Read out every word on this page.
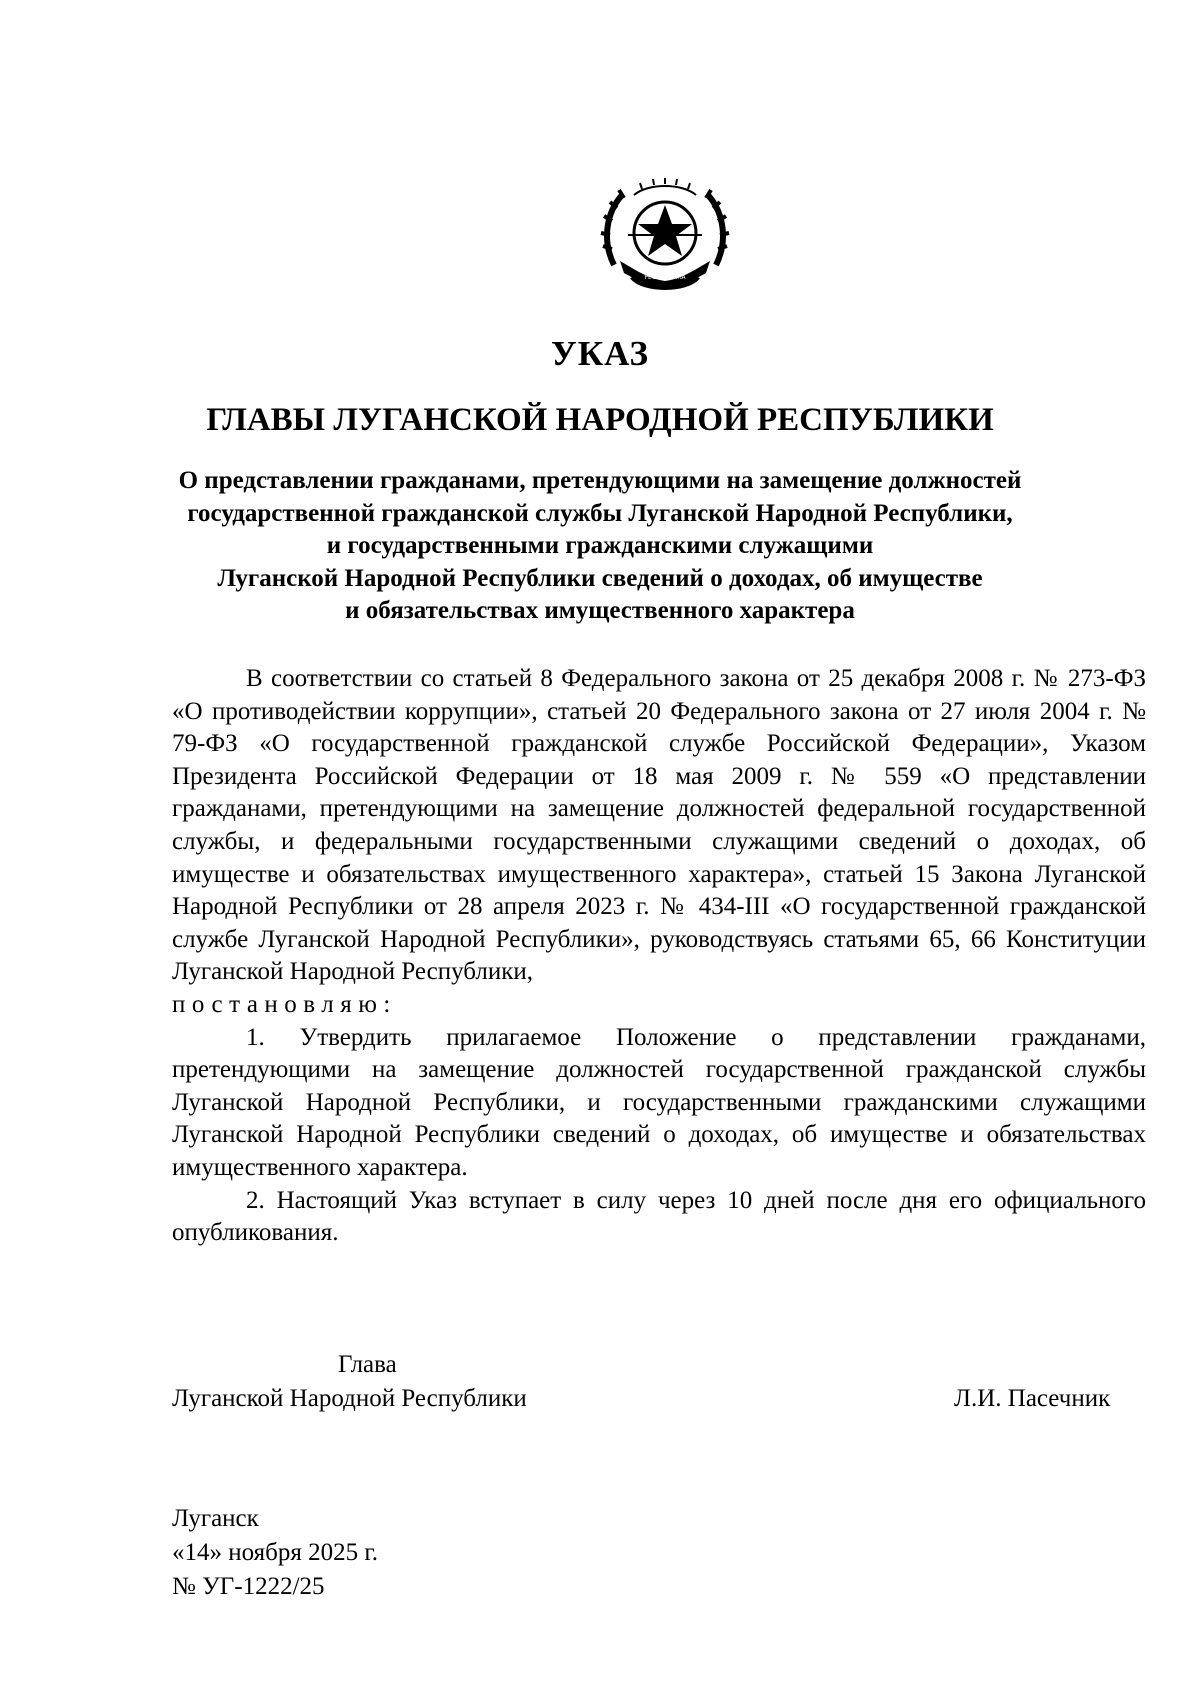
РЕСПУБЛИКА
УКАЗ
ГЛАВЫ ЛУГАНСКОЙ НАРОДНОЙ РЕСПУБЛИКИ
О представлении гражданами, претендующими на замещение должностей
государственной гражданской службы Луганской Народной Республики,
и государственными гражданскими служащими
Луганской Народной Республики сведений о доходах, об имуществе
и обязательствах имущественного характера

В соответствии со статьей 8 Федерального закона от 25 декабря 2008 г. № 273-ФЗ «О противодействии коррупции», статьей 20 Федерального закона от 27 июля 2004 г. № 79-ФЗ «О государственной гражданской службе Российской Федерации», Указом Президента Российской Федерации от 18 мая 2009 г. № 559 «О представлении гражданами, претендующими на замещение должностей федеральной государственной службы, и федеральными государственными служащими сведений о доходах, об имуществе и обязательствах имущественного характера», статьей 15 Закона Луганской Народной Республики от 28 апреля 2023 г. № 434-III «О государственной гражданской службе Луганской Народной Республики», руководствуясь статьями 65, 66 Конституции Луганской Народной Республики,

постановляю:

1. Утвердить прилагаемое Положение о представлении гражданами, претендующими на замещение должностей государственной гражданской службы Луганской Народной Республики, и государственными гражданскими служащими Луганской Народной Республики сведений о доходах, об имуществе и обязательствах имущественного характера.

2. Настоящий Указ вступает в силу через 10 дней после дня его официального опубликования.

Глава
Луганской Народной Республики	Л.И. Пасечник
Луганск
«14» ноября 2025 г.
№ УГ-1222/25
